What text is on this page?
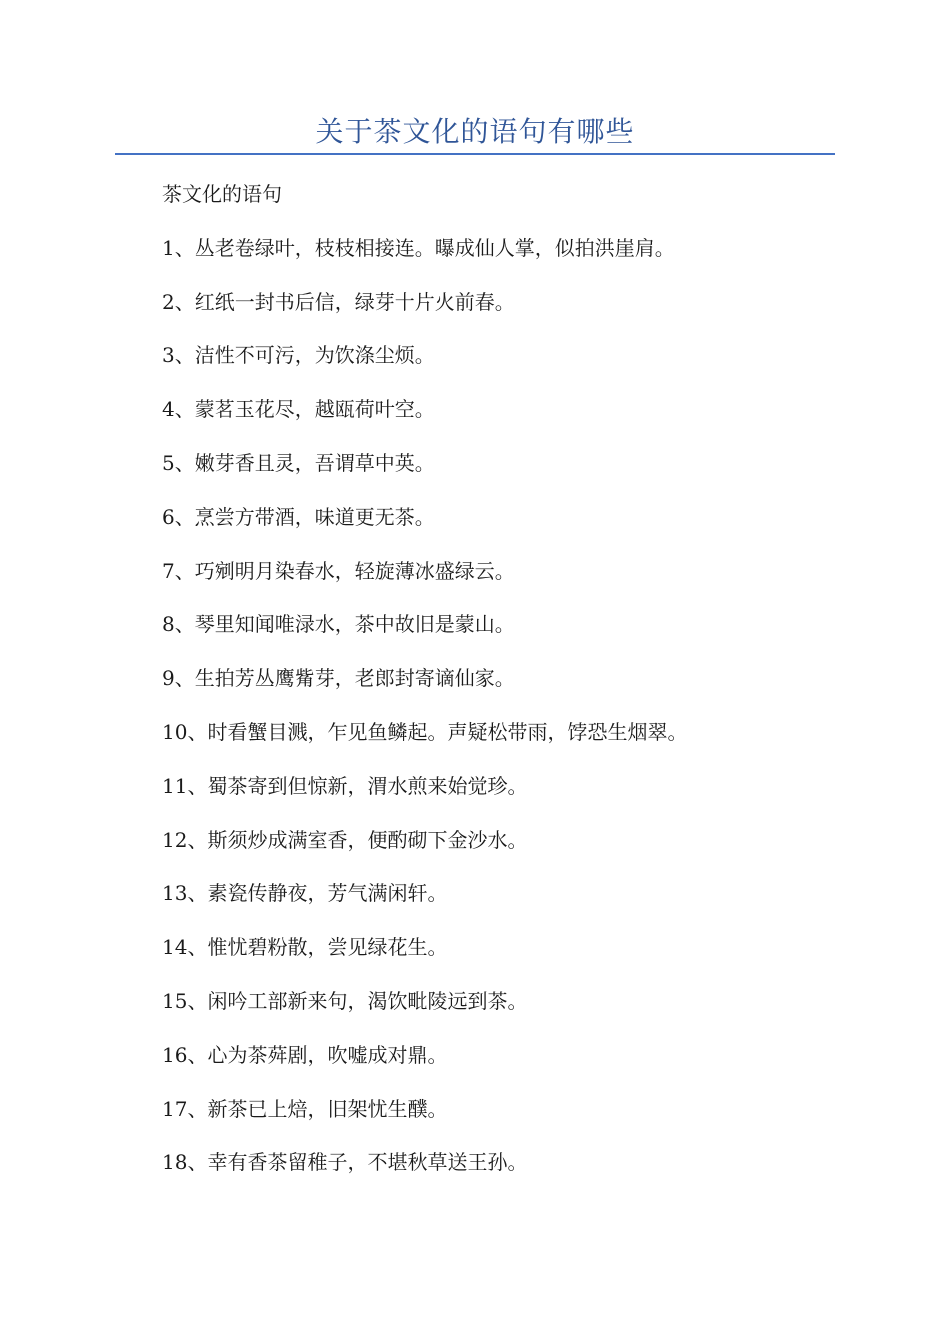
关于茶文化的语句有哪些
茶文化的语句
1、丛老卷绿叶，枝枝相接连。曝成仙人掌，似拍洪崖肩。
2、红纸一封书后信，绿芽十片火前春。
3、洁性不可污，为饮涤尘烦。
4、蒙茗玉花尽，越瓯荷叶空。
5、嫩芽香且灵，吾谓草中英。
6、烹尝方带酒，味道更无茶。
7、巧剜明月染春水，轻旋薄冰盛绿云。
8、琴里知闻唯渌水，茶中故旧是蒙山。
9、生拍芳丛鹰觜芽，老郎封寄谪仙家。
10、时看蟹目溅，乍见鱼鳞起。声疑松带雨，饽恐生烟翠。
11、蜀茶寄到但惊新，渭水煎来始觉珍。
12、斯须炒成满室香，便酌砌下金沙水。
13、素瓷传静夜，芳气满闲轩。
14、惟忧碧粉散，尝见绿花生。
15、闲吟工部新来句，渴饮毗陵远到茶。
16、心为茶荈剧，吹嘘成对鼎。
17、新茶已上焙，旧架忧生醭。
18、幸有香茶留稚子，不堪秋草送王孙。
